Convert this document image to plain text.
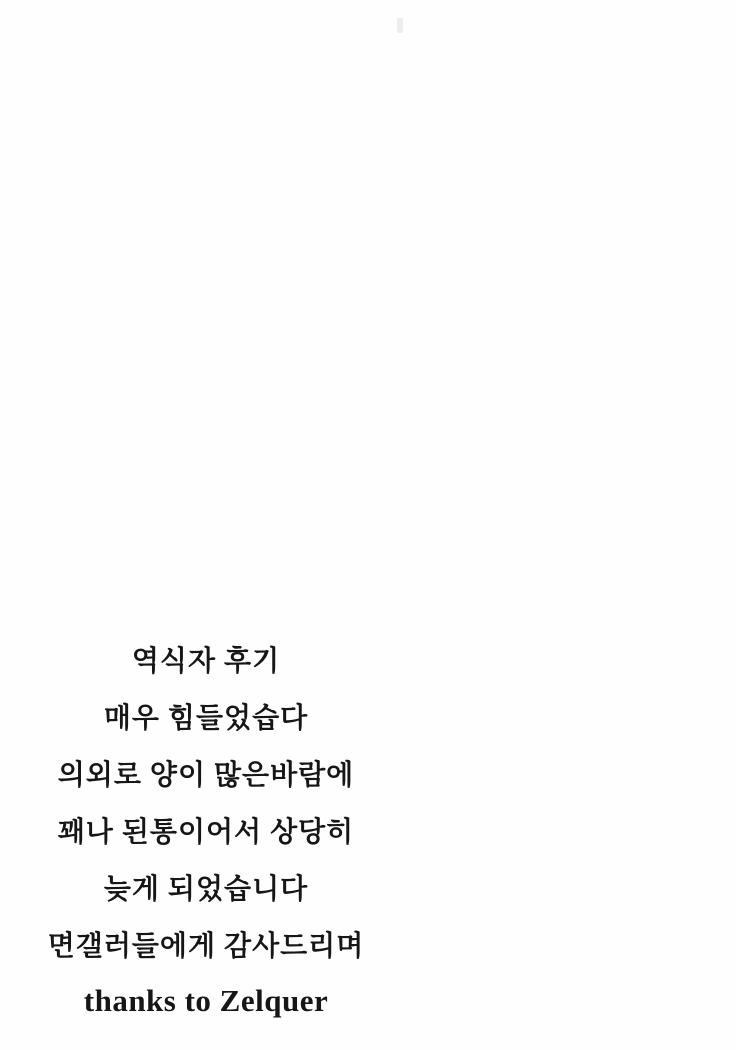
역식자 후기
매우 힘들었습다
의외로 양이 많은바람에
꽤나 된통이어서 상당히
늦게 되었습니다
면갤러들에게 감사드리며
thanks to Zelquer
